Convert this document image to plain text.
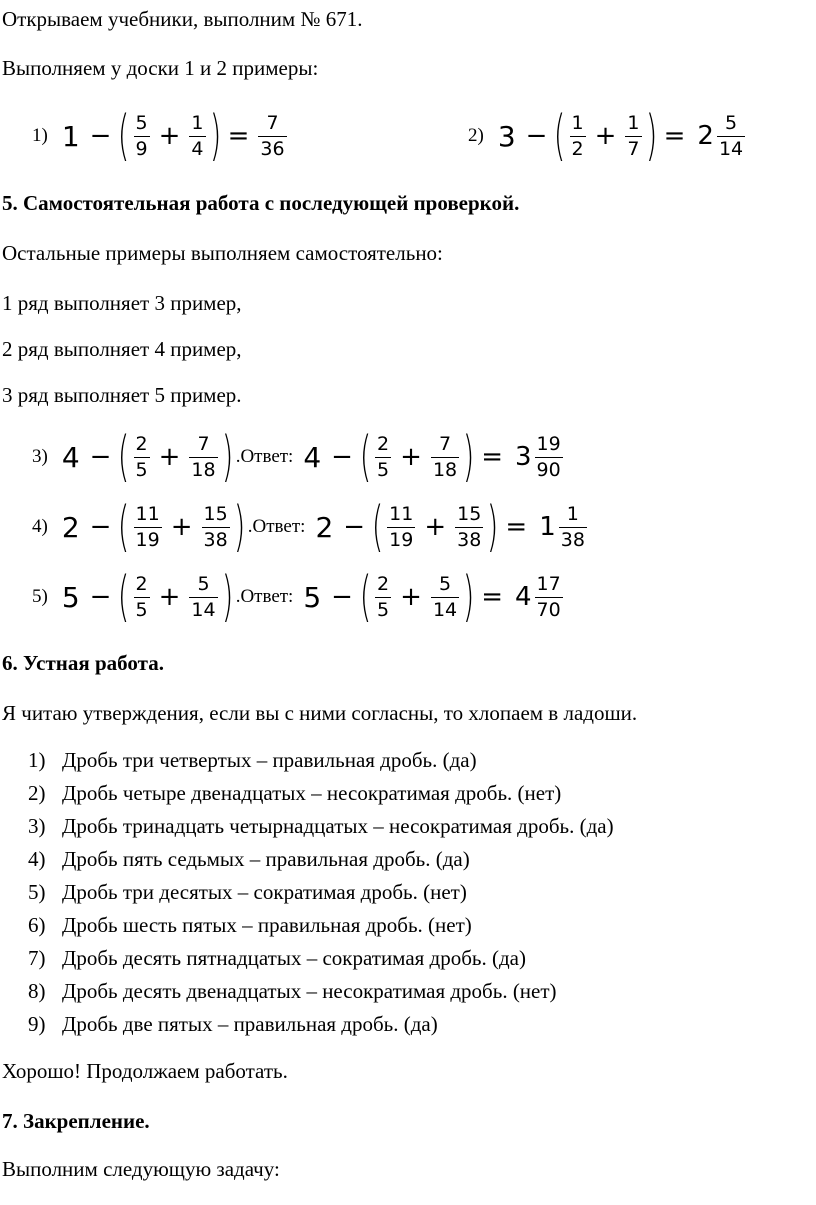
Открываем учебники, выполним № 671.
Выполняем у доски 1 и 2 примеры:
1) 1 − ( $\frac{5}{9} + \frac{1}{4}$ ) = $\frac{7}{36}$	2) 3 − ( $\frac{1}{2} + \frac{1}{7}$ ) = $2 \frac{5}{14}$
5. Самостоятельная работа с последующей проверкой.
Остальные примеры выполняем самостоятельно:
1 ряд выполняет 3 пример,
2 ряд выполняет 4 пример,
3 ряд выполняет 5 пример.
3) 4 − ( $\frac{2}{5} + \frac{7}{18}$ ) . Ответ: 4 − ( $\frac{2}{5} + \frac{7}{18}$ ) = $3 \frac{19}{90}$
4) 2 − ( $\frac{11}{19} + \frac{15}{38}$ ) . Ответ: 2 − ( $\frac{11}{19} + \frac{15}{38}$ ) = $1 \frac{1}{38}$
5) 5 − ( $\frac{2}{5} + \frac{5}{14}$ ) . Ответ: 5 − ( $\frac{2}{5} + \frac{5}{14}$ ) = $4 \frac{17}{70}$
6. Устная работа.
Я читаю утверждения, если вы с ними согласны, то хлопаем в ладоши.
1) Дробь три четвертых – правильная дробь. (да)
2) Дробь четыре двенадцатых – несократимая дробь. (нет)
3) Дробь тринадцать четырнадцатых – несократимая дробь. (да)
4) Дробь пять седьмых – правильная дробь. (да)
5) Дробь три десятых – сократимая дробь. (нет)
6) Дробь шесть пятых – правильная дробь. (нет)
7) Дробь десять пятнадцатых – сократимая дробь. (да)
8) Дробь десять двенадцатых – несократимая дробь. (нет)
9) Дробь две пятых – правильная дробь. (да)
Хорошо! Продолжаем работать.
7. Закрепление.
Выполним следующую задачу:
